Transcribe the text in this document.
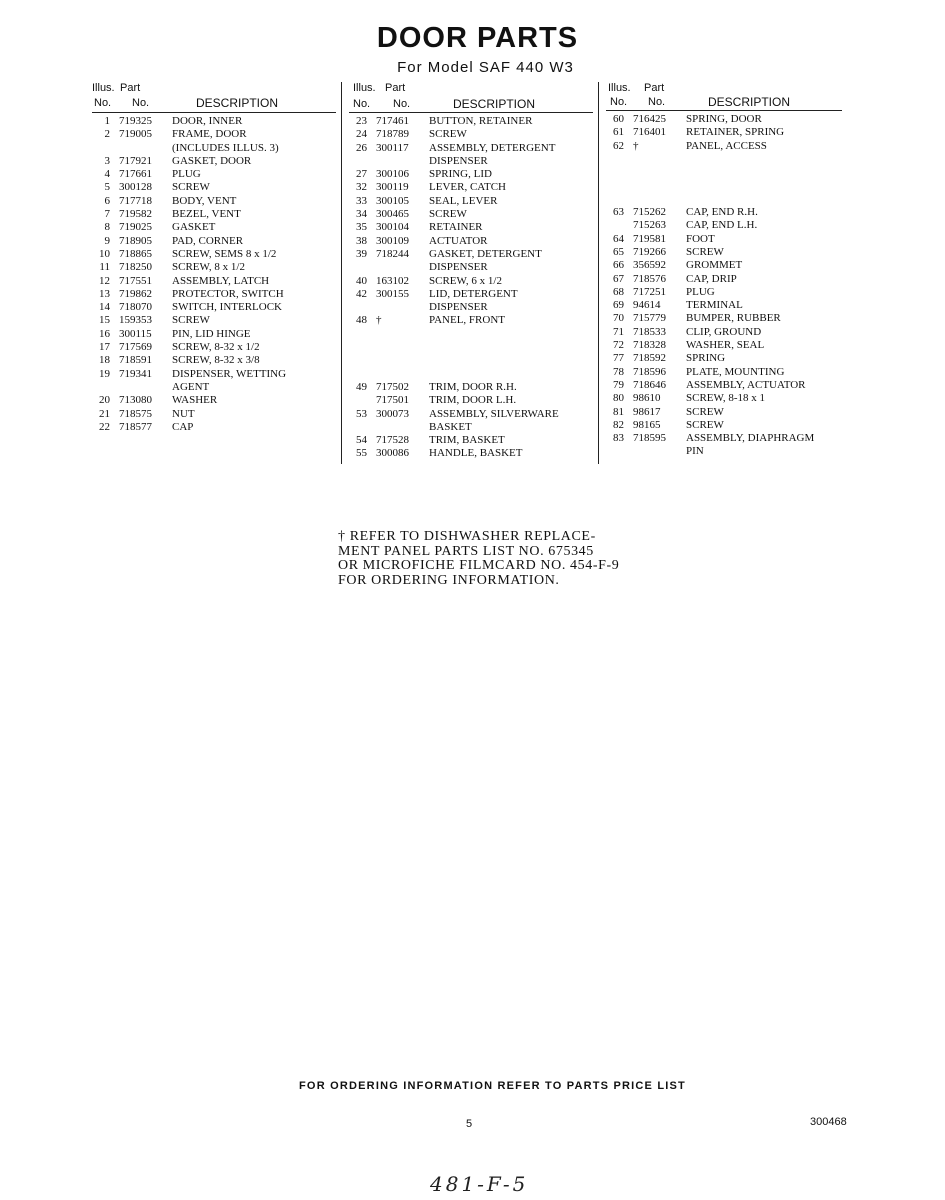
DOOR PARTS
For Model SAF 440 W3
Illus. Part
No. No.	DESCRIPTION
1 719325 DOOR, INNER
2 719005 FRAME, DOOR
(INCLUDES ILLUS. 3)
3 717921 GASKET, DOOR
4 717661 PLUG
5 300128 SCREW
6 717718 BODY, VENT
7 719582 BEZEL, VENT
8 719025 GASKET
9 718905 PAD, CORNER
10 718865 SCREW, SEMS 8 x 1/2
11 718250 SCREW, 8 x 1/2
12 717551 ASSEMBLY, LATCH
13 719862 PROTECTOR, SWITCH
14 718070 SWITCH, INTERLOCK
15 159353 SCREW
16 300115 PIN, LID HINGE
17 717569 SCREW, 8-32 x 1/2
18 718591 SCREW, 8-32 x 3/8
19 719341 DISPENSER, WETTING
AGENT
20 713080 WASHER
21 718575 NUT
22 718577 CAP
Illus. Part
No. No.	DESCRIPTION
23 717461 BUTTON, RETAINER
24 718789 SCREW
26 300117 ASSEMBLY, DETERGENT
DISPENSER
27 300106 SPRING, LID
32 300119 LEVER, CATCH
33 300105 SEAL, LEVER
34 300465 SCREW
35 300104 RETAINER
38 300109 ACTUATOR
39 718244 GASKET, DETERGENT
DISPENSER
40 163102 SCREW, 6 x 1/2
42 300155 LID, DETERGENT
DISPENSER
48 †	PANEL, FRONT
49 717502 TRIM, DOOR R.H.
717501 TRIM, DOOR L.H.
53 300073 ASSEMBLY, SILVERWARE
BASKET
54 717528 TRIM, BASKET
55 300086 HANDLE, BASKET
Illus. Part
No. No.	DESCRIPTION
60 716425 SPRING, DOOR
61 716401 RETAINER, SPRING
62 †	PANEL, ACCESS
63 715262 CAP, END R.H.
715263 CAP, END L.H.
64 719581 FOOT
65 719266 SCREW
66 356592 GROMMET
67 718576 CAP, DRIP
68 717251 PLUG
69 94614 TERMINAL
70 715779 BUMPER, RUBBER
71 718533 CLIP, GROUND
72 718328 WASHER, SEAL
77 718592 SPRING
78 718596 PLATE, MOUNTING
79 718646 ASSEMBLY, ACTUATOR
80 98610 SCREW, 8-18 x 1
81 98617 SCREW
82 98165 SCREW
83 718595 ASSEMBLY, DIAPHRAGM
PIN
† REFER TO DISHWASHER REPLACE-
MENT PANEL PARTS LIST NO. 675345
OR MICROFICHE FILMCARD NO. 454-F-9
FOR ORDERING INFORMATION.
FOR ORDERING INFORMATION REFER TO PARTS PRICE LIST
5	300468
481-F-5
